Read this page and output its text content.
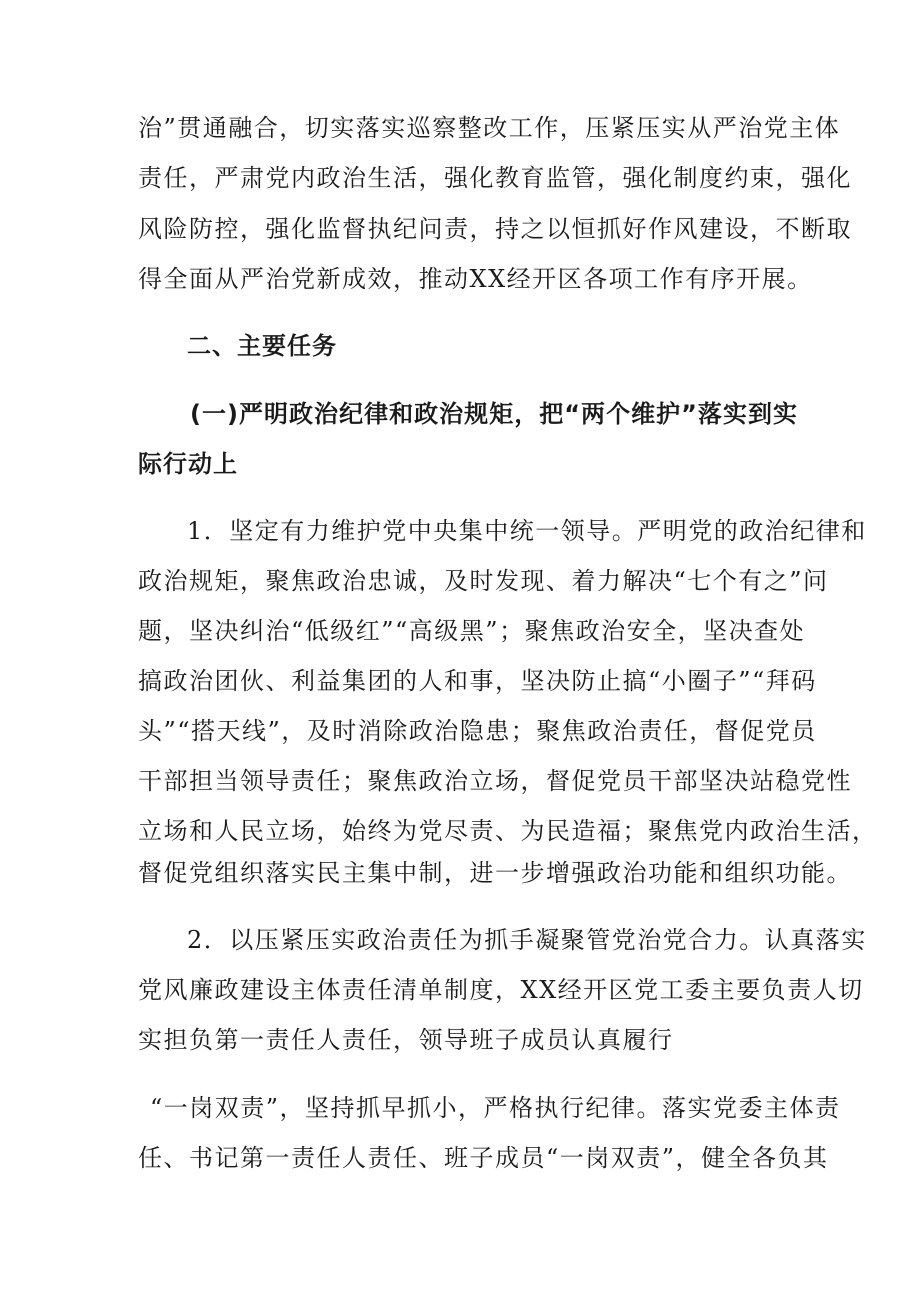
治”贯通融合，切实落实巡察整改工作，压紧压实从严治党主体
责任，严肃党内政治生活，强化教育监管，强化制度约束，强化
风险防控，强化监督执纪问责，持之以恒抓好作风建设，不断取
得全面从严治党新成效，推动XX经开区各项工作有序开展。
二、主要任务
(一)严明政治纪律和政治规矩，把“两个维护”落实到实
际行动上
1．坚定有力维护党中央集中统一领导。严明党的政治纪律和
政治规矩，聚焦政治忠诚，及时发现、着力解决“七个有之”问
题，坚决纠治“低级红”“高级黑”；聚焦政治安全，坚决查处
搞政治团伙、利益集团的人和事，坚决防止搞“小圈子”“拜码
头”“搭天线”，及时消除政治隐患；聚焦政治责任，督促党员
干部担当领导责任；聚焦政治立场，督促党员干部坚决站稳党性
立场和人民立场，始终为党尽责、为民造福；聚焦党内政治生活，
督促党组织落实民主集中制，进一步增强政治功能和组织功能。
2．以压紧压实政治责任为抓手凝聚管党治党合力。认真落实
党风廉政建设主体责任清单制度，XX经开区党工委主要负责人切
实担负第一责任人责任，领导班子成员认真履行
“一岗双责”，坚持抓早抓小，严格执行纪律。落实党委主体责
任、书记第一责任人责任、班子成员“一岗双责”，健全各负其
